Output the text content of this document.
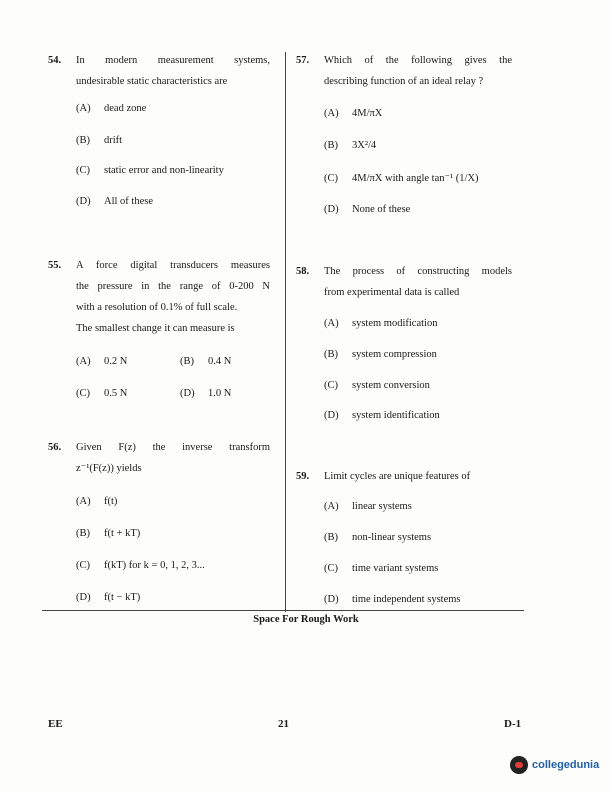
54. In modern measurement systems,

undesirable static characteristics are

(A) dead zone
(B) drift
(C) static error and non-linearity
(D) All of these
55. A force digital transducers measures

the pressure in the range of 0-200 N

with a resolution of 0.1% of full scale.

The smallest change it can measure is

(A) 0.2 N	(B) 0.4 N
(C) 0.5 N	(D) 1.0 N
56. Given F(z) the inverse transform

z⁻¹(F(z)) yields

(A) f(t)
(B) f(t + kT)
(C) f(kT) for k = 0, 1, 2, 3...
(D) f(t − kT)
57. Which of the following gives the

describing function of an ideal relay ?

(A) 4M/πX
(B) 3X²/4
(C) 4M/πX with angle tan⁻¹ (1/X)
(D) None of these
58. The process of constructing models

from experimental data is called

(A) system modification
(B) system compression
(C) system conversion
(D) system identification
59. Limit cycles are unique features of

(A) linear systems
(B) non-linear systems
(C) time variant systems
(D) time independent systems
Space For Rough Work
EE	21	D-1
collegedunia
